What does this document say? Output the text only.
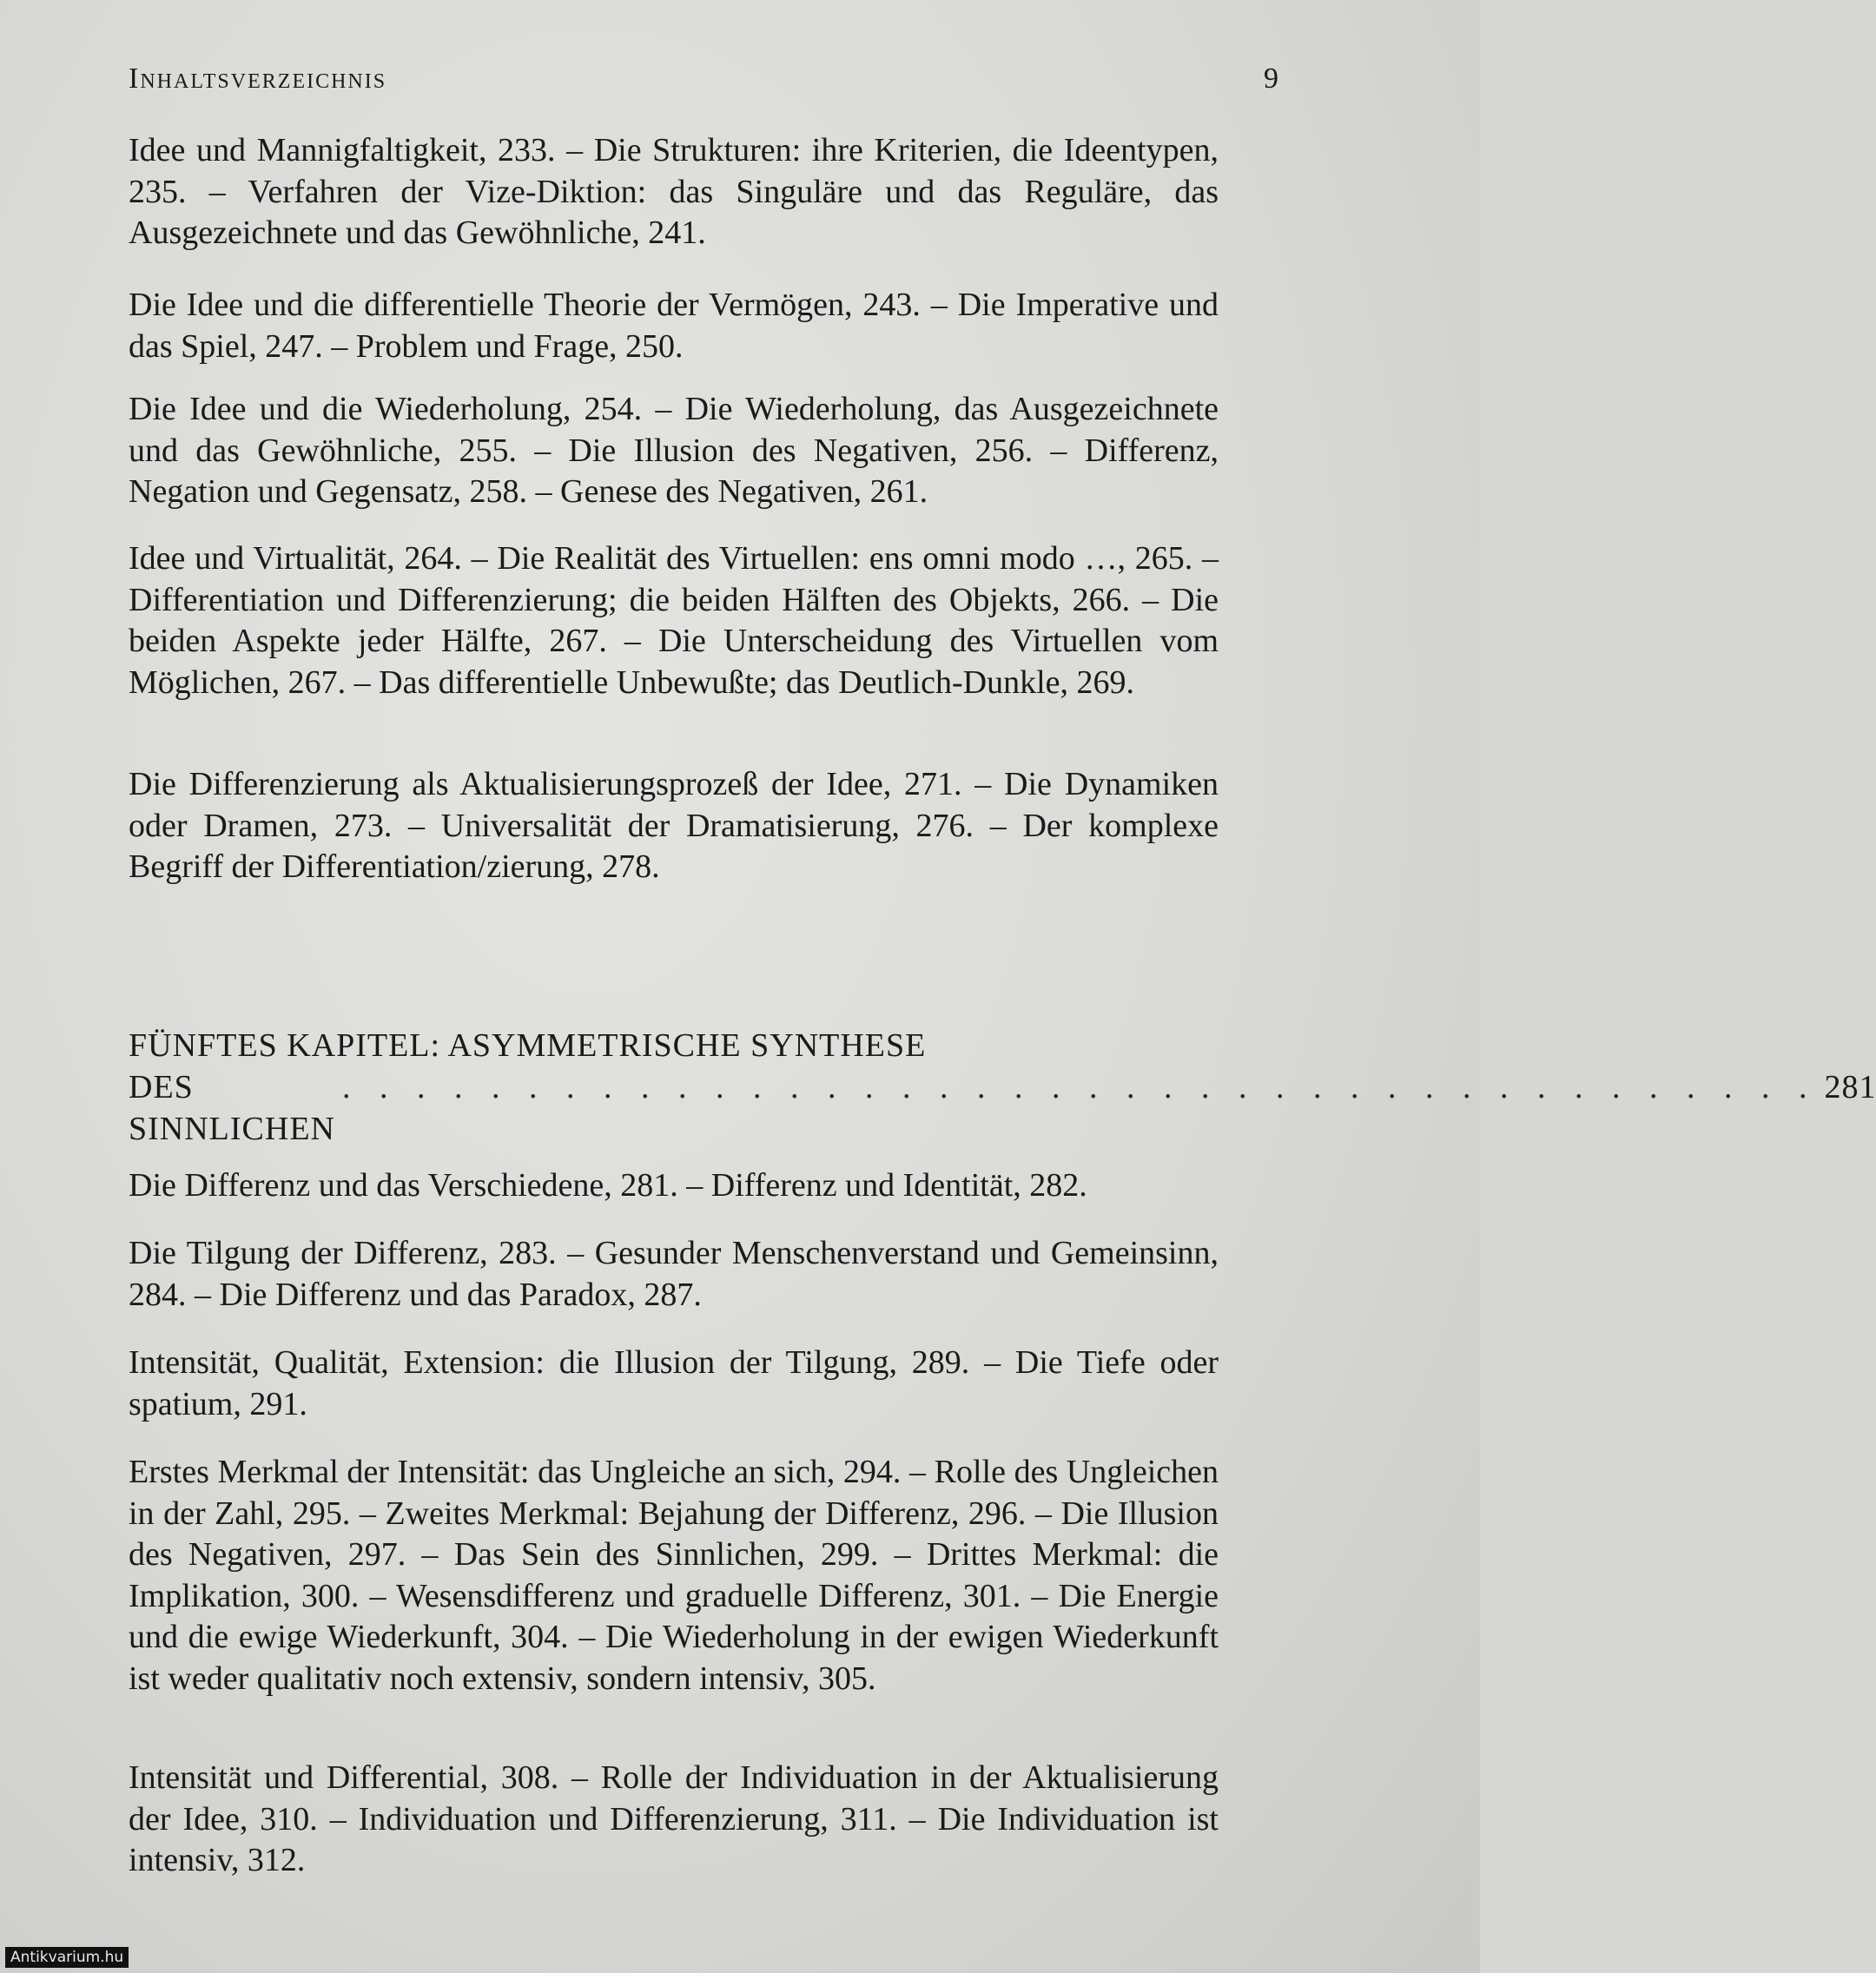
Inhaltsverzeichnis	9

Idee und Mannigfaltigkeit, 233. – Die Strukturen: ihre Kriterien, die Ideentypen, 235. – Verfahren der Vize-Diktion: das Singuläre und das Reguläre, das Ausgezeichnete und das Gewöhnliche, 241.

Die Idee und die differentielle Theorie der Vermögen, 243. – Die Imperative und das Spiel, 247. – Problem und Frage, 250.

Die Idee und die Wiederholung, 254. – Die Wiederholung, das Ausgezeichnete und das Gewöhnliche, 255. – Die Illusion des Negativen, 256. – Differenz, Negation und Gegensatz, 258. – Genese des Negativen, 261.

Idee und Virtualität, 264. – Die Realität des Virtuellen: ens omni modo …, 265. – Differentiation und Differenzierung; die beiden Hälften des Objekts, 266. – Die beiden Aspekte jeder Hälfte, 267. – Die Unterscheidung des Virtuellen vom Möglichen, 267. – Das differentielle Unbewußte; das Deutlich-Dunkle, 269.

Die Differenzierung als Aktualisierungsprozeß der Idee, 271. – Die Dynamiken oder Dramen, 273. – Universalität der Dramatisierung, 276. – Der komplexe Begriff der Differentiation/zierung, 278.

FÜNFTES KAPITEL: ASYMMETRISCHE SYNTHESE
DES SINNLICHEN
. . . . . . . . . . . . . . . . . . . . . . . . . . . . . . . . . . . . . . . . 281

Die Differenz und das Verschiedene, 281. – Differenz und Identität, 282.

Die Tilgung der Differenz, 283. – Gesunder Menschenverstand und Gemeinsinn, 284. – Die Differenz und das Paradox, 287.

Intensität, Qualität, Extension: die Illusion der Tilgung, 289. – Die Tiefe oder spatium, 291.

Erstes Merkmal der Intensität: das Ungleiche an sich, 294. – Rolle des Ungleichen in der Zahl, 295. – Zweites Merkmal: Bejahung der Differenz, 296. – Die Illusion des Negativen, 297. – Das Sein des Sinnlichen, 299. – Drittes Merkmal: die Implikation, 300. – Wesensdifferenz und graduelle Differenz, 301. – Die Energie und die ewige Wiederkunft, 304. – Die Wiederholung in der ewigen Wiederkunft ist weder qualitativ noch extensiv, sondern intensiv, 305.

Intensität und Differential, 308. – Rolle der Individuation in der Aktualisierung der Idee, 310. – Individuation und Differenzierung, 311. – Die Individuation ist intensiv, 312.

Antikvarium.hu
